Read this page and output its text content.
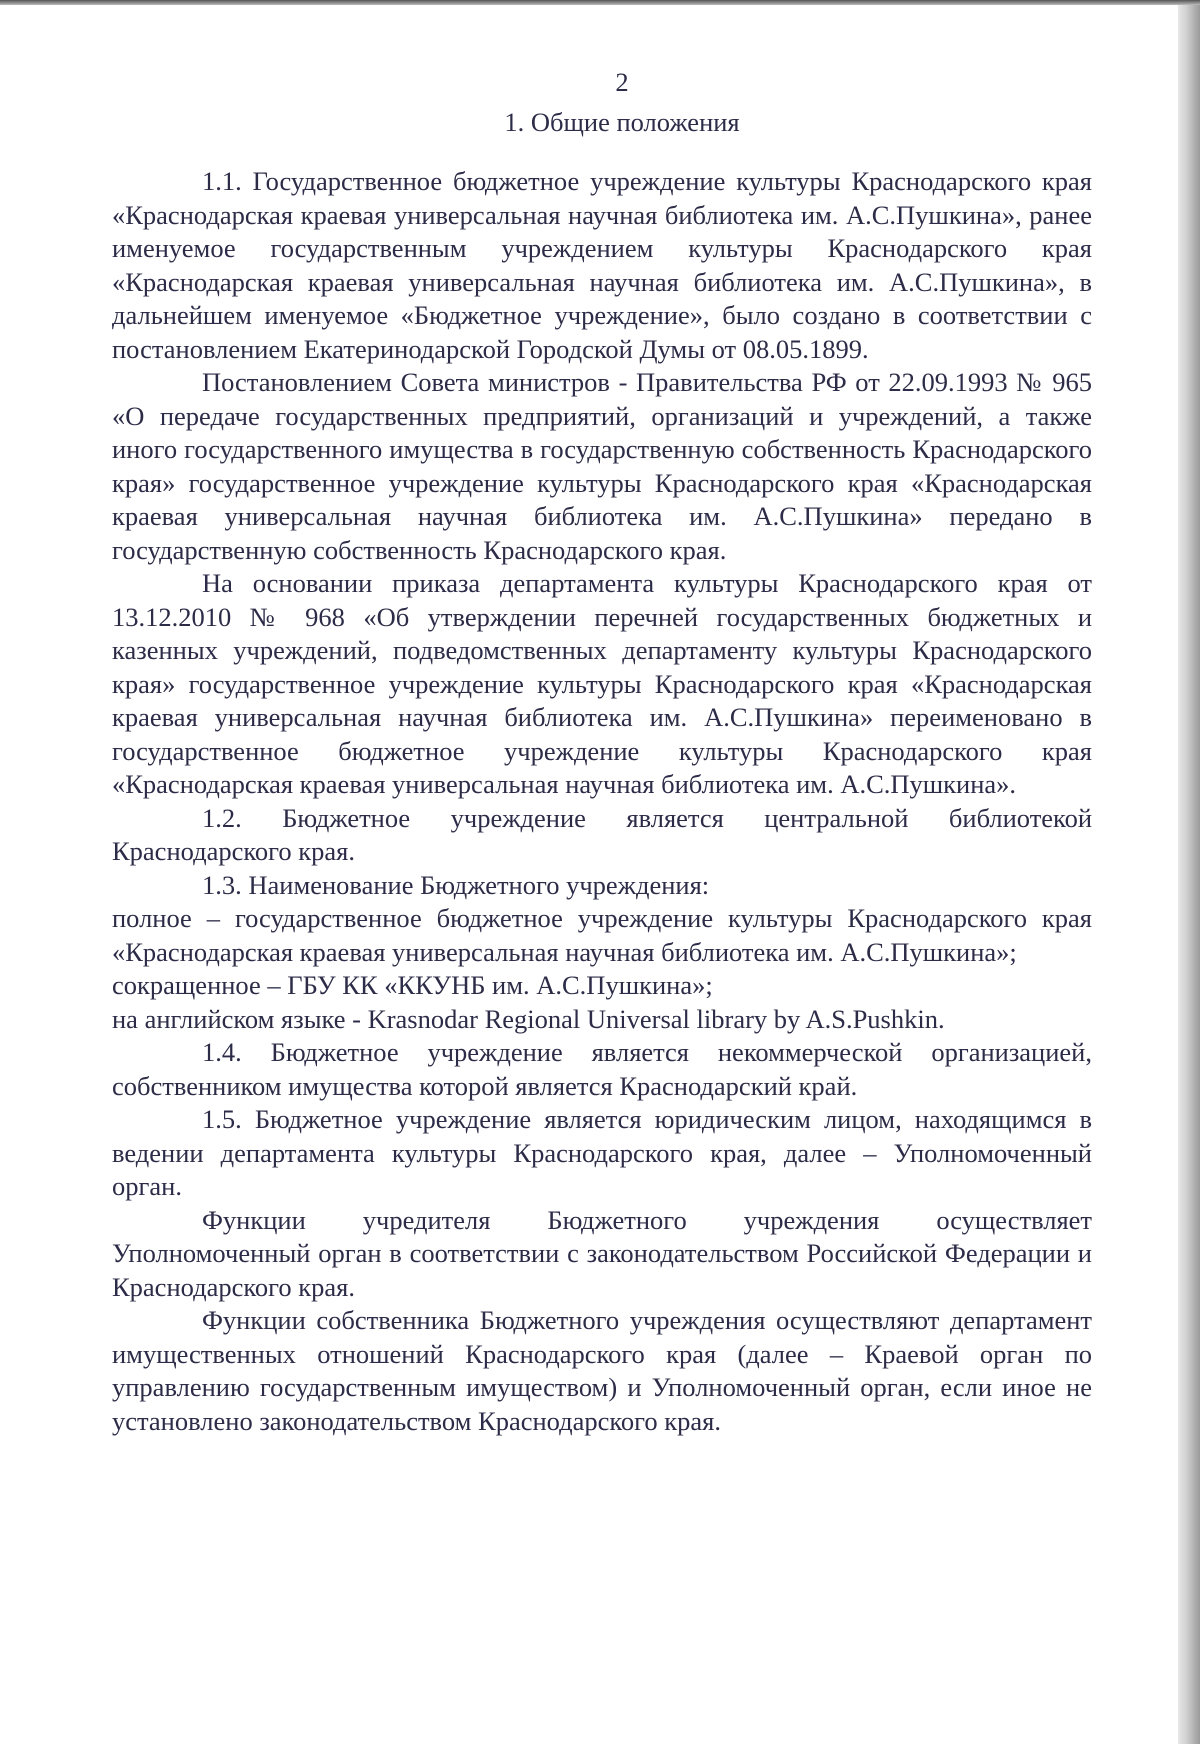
2
1. Общие положения

1.1. Государственное бюджетное учреждение культуры Краснодарского края «Краснодарская краевая универсальная научная библиотека им. А.С.Пушкина», ранее именуемое государственным учреждением культуры Краснодарского края «Краснодарская краевая универсальная научная библиотека им. А.С.Пушкина», в дальнейшем именуемое «Бюджетное учреждение», было создано в соответствии с постановлением Екатеринодарской Городской Думы от 08.05.1899.

Постановлением Совета министров - Правительства РФ от 22.09.1993 № 965 «О передаче государственных предприятий, организаций и учреждений, а также иного государственного имущества в государственную собственность Краснодарского края» государственное учреждение культуры Краснодарского края «Краснодарская краевая универсальная научная библиотека им. А.С.Пушкина» передано в государственную собственность Краснодарского края.

На основании приказа департамента культуры Краснодарского края от 13.12.2010 № 968 «Об утверждении перечней государственных бюджетных и казенных учреждений, подведомственных департаменту культуры Краснодарского края» государственное учреждение культуры Краснодарского края «Краснодарская краевая универсальная научная библиотека им. А.С.Пушкина» переименовано в государственное бюджетное учреждение культуры Краснодарского края «Краснодарская краевая универсальная научная библиотека им. А.С.Пушкина».

1.2. Бюджетное учреждение является центральной библиотекой Краснодарского края.

1.3. Наименование Бюджетного учреждения:

полное – государственное бюджетное учреждение культуры Краснодарского края «Краснодарская краевая универсальная научная библиотека им. А.С.Пушкина»;

сокращенное – ГБУ КК «ККУНБ им. А.С.Пушкина»;

на английском языке - Krasnodar Regional Universal library by A.S.Pushkin.

1.4. Бюджетное учреждение является некоммерческой организацией, собственником имущества которой является Краснодарский край.

1.5. Бюджетное учреждение является юридическим лицом, находящимся в ведении департамента культуры Краснодарского края, далее – Уполномоченный орган.

Функции учредителя Бюджетного учреждения осуществляет Уполномоченный орган в соответствии с законодательством Российской Федерации и Краснодарского края.

Функции собственника Бюджетного учреждения осуществляют департамент имущественных отношений Краснодарского края (далее – Краевой орган по управлению государственным имуществом) и Уполномоченный орган, если иное не установлено законодательством Краснодарского края.
